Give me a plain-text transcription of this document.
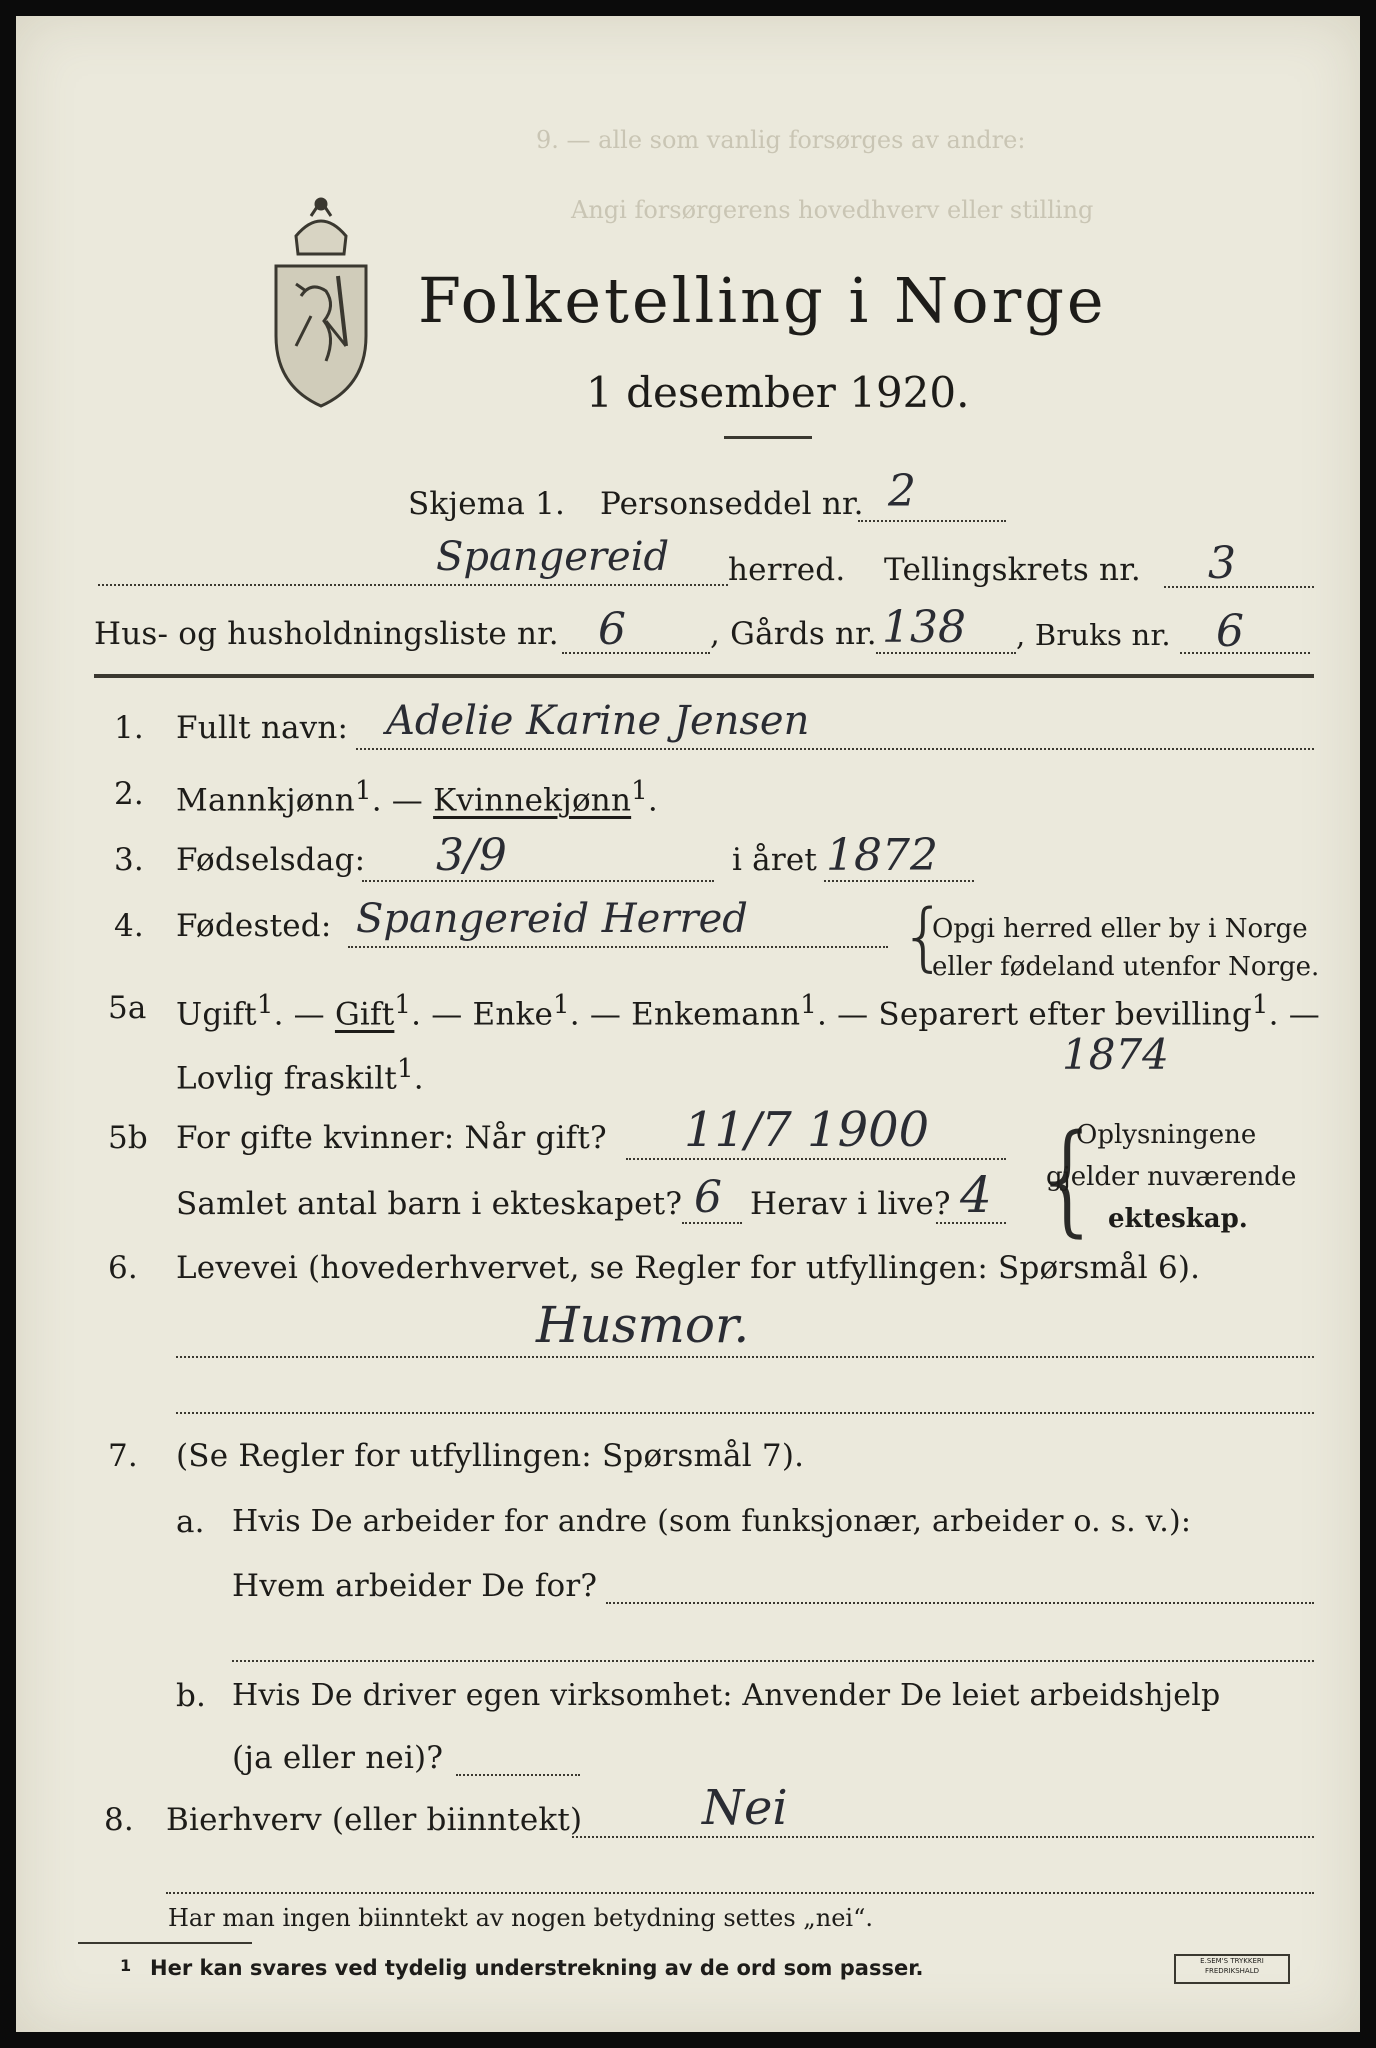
9. — alle som vanlig forsørges av andre:
Angi forsørgerens hovedhverv eller stilling
Folketelling i Norge
1 desember 1920.
Skjema 1. Personseddel nr. 2
Spangereid herred. Tellingskrets nr. 3
Hus- og husholdningsliste nr. 6	, Gårds nr. 138 , Bruks nr. 6
1. Fullt navn: Adelie Karine Jensen
2. Mannkjønn$^1$. — Kvinnekjønn$^1$.
3. Fødselsdag: 3/9	i året 1872
4. Fødested: Spangereid Herred {
Opgi herred eller by i Norge
eller fødeland utenfor Norge.
5a Ugift$^1$. — Gift$^1$. — Enke$^1$. — Enkemann$^1$. — Separert efter bevilling$^1$. —
Lovlig fraskilt$^1$.	1874
5b For gifte kvinner: Når gift? 11/7 1900
Samlet antal barn i ekteskapet? 6 Herav i live? 4 {
Oplysningene
gjelder nuværende
ekteskap.
6. Levevei (hovederhvervet, se Regler for utfyllingen: Spørsmål 6).
Husmor.
7. (Se Regler for utfyllingen: Spørsmål 7).
a. Hvis De arbeider for andre (som funksjonær, arbeider o. s. v.):
Hvem arbeider De for?
b. Hvis De driver egen virksomhet: Anvender De leiet arbeidshjelp
(ja eller nei)?
8. Bierhverv (eller biinntekt) Nei
Har man ingen biinntekt av nogen betydning settes „nei“.
1 Her kan svares ved tydelig understrekning av de ord som passer.	E.SEM'S TRYKKERI
FREDRIKSHALD
